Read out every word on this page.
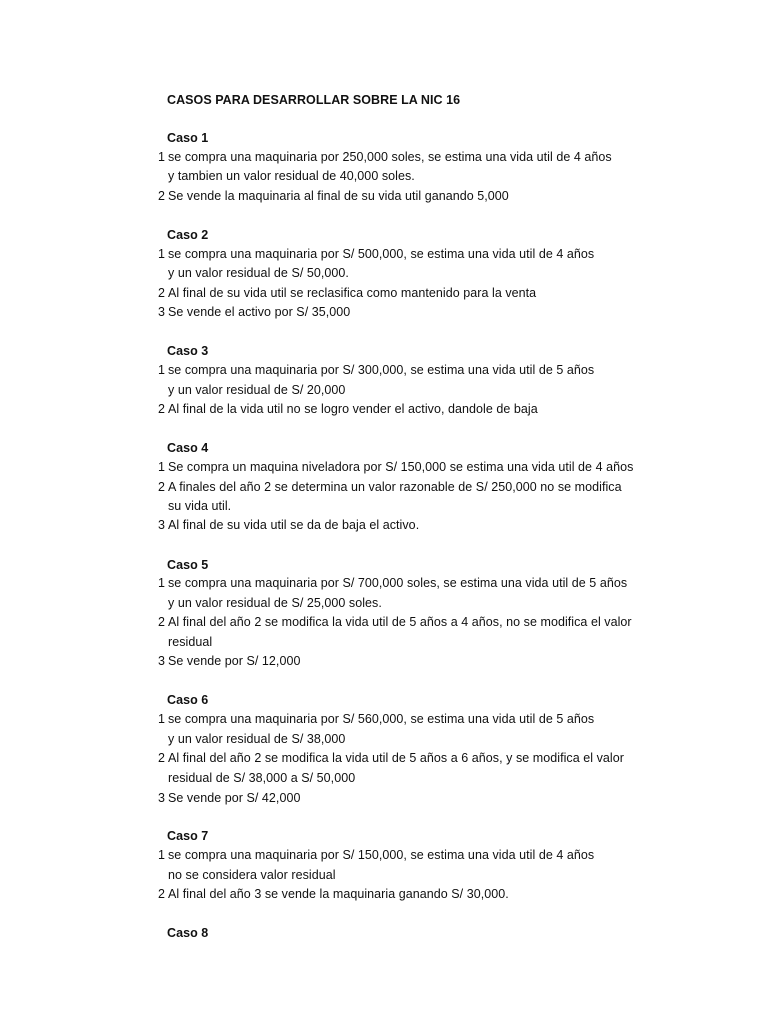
CASOS PARA DESARROLLAR SOBRE LA NIC 16
Caso 1
1 se compra una maquinaria por 250,000 soles, se estima una vida util de 4 años
y tambien un valor residual de 40,000 soles.
2 Se vende la maquinaria al final de su vida util ganando 5,000
Caso 2
1 se compra una maquinaria por S/ 500,000, se estima una vida util de 4 años
y un valor residual de S/ 50,000.
2 Al final de su vida util se reclasifica como mantenido para la venta
3 Se vende el activo por S/ 35,000
Caso 3
1 se compra una maquinaria por S/ 300,000, se estima una vida util de 5 años
y un valor residual de S/ 20,000
2 Al final de la vida util no se logro vender el activo, dandole de baja
Caso 4
1 Se compra un maquina niveladora por S/ 150,000 se estima una vida util de 4 años
2 A finales del año 2 se determina un valor razonable de S/ 250,000 no se modifica
su vida util.
3 Al final de su vida util se da de baja el activo.
Caso 5
1 se compra una maquinaria por S/ 700,000 soles, se estima una vida util de 5 años
y un valor residual de S/ 25,000 soles.
2 Al final del año 2 se modifica la vida util de 5 años a 4 años, no se modifica el valor
residual
3 Se vende por S/ 12,000
Caso 6
1 se compra una maquinaria por S/ 560,000, se estima una vida util de 5 años
y un valor residual de S/ 38,000
2 Al final del año 2 se modifica la vida util de 5 años a 6 años, y se modifica el valor
residual de S/ 38,000 a S/ 50,000
3 Se vende por S/ 42,000
Caso 7
1 se compra una maquinaria por S/ 150,000, se estima una vida util de 4 años
no se considera valor residual
2 Al final del año 3 se vende la maquinaria ganando S/ 30,000.
Caso 8
